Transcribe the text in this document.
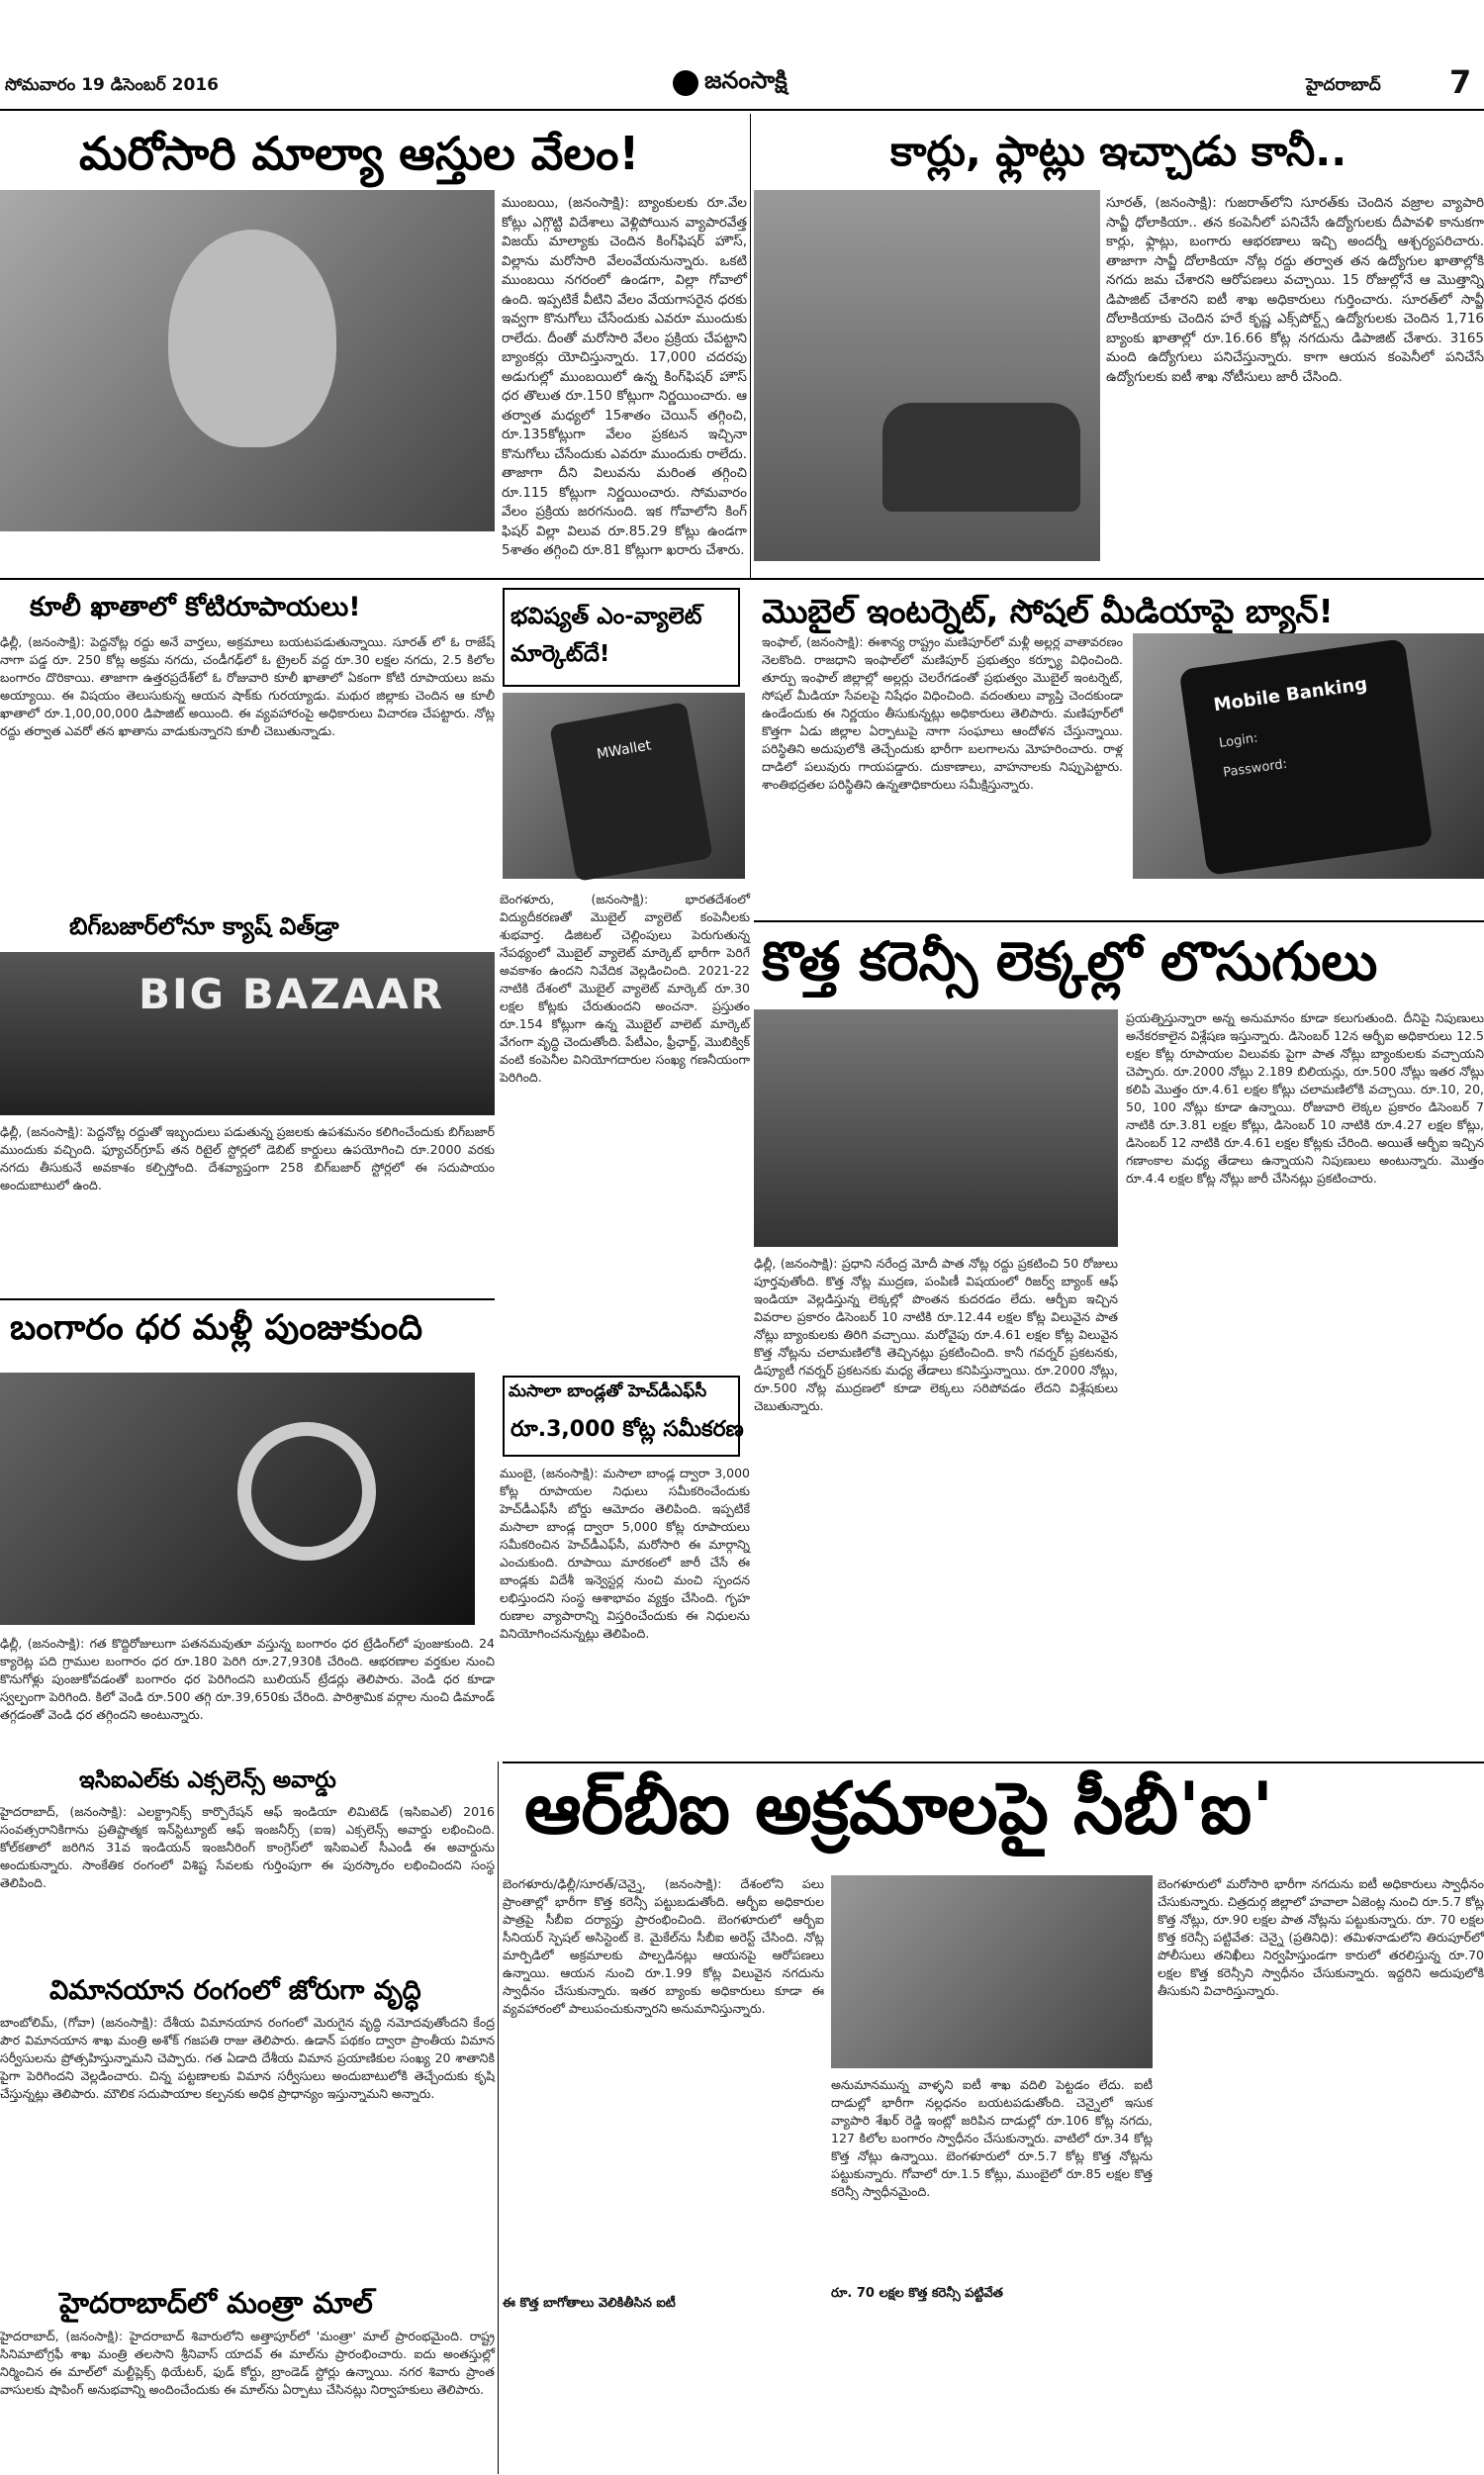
సోమవారం 19 డిసెంబర్ 2016	జనంసాక్షి	హైదరాబాద్ 7
మరోసారి మాల్యా ఆస్తుల వేలం!
ముంబయి, (జనంసాక్షి): బ్యాంకులకు రూ.వేల కోట్లు ఎగ్గొట్టి విదేశాలు వెళ్లిపోయిన వ్యాపారవేత్త విజయ్ మాల్యాకు చెందిన కింగ్‌ఫిషర్ హౌస్, విల్లాను మరోసారి వేలంవేయనున్నారు. ఒకటి ముంబయి నగరంలో ఉండగా, విల్లా గోవాలో ఉంది. ఇప్పటికే వీటిని వేలం వేయగాసరైన ధరకు ఇవ్వగా కొనుగోలు చేసేందుకు ఎవరూ ముందుకు రాలేదు. దీంతో మరోసారి వేలం ప్రక్రియ చేపట్టాని బ్యాంకర్లు యోచిస్తున్నారు. 17,000 చదరపు అడుగుల్లో ముంబయిలో ఉన్న కింగ్‌ఫిషర్ హౌస్ ధర తొలుత రూ.150 కోట్లుగా నిర్ణయించారు. ఆ తర్వాత మధ్యలో 15శాతం చెయిన్ తగ్గించి, రూ.135కోట్లుగా వేలం ప్రకటన ఇచ్చినా కొనుగోలు చేసేందుకు ఎవరూ ముందుకు రాలేదు. తాజాగా దీని విలువను మరింత తగ్గించి రూ.115 కోట్లుగా నిర్ణయించారు. సోమవారం వేలం ప్రక్రియ జరగనుంది. ఇక గోవాలోని కింగ్ ఫిషర్ విల్లా విలువ రూ.85.29 కోట్లు ఉండగా 5శాతం తగ్గించి రూ.81 కోట్లుగా ఖరారు చేశారు.
కార్లు, ఫ్లాట్లు ఇచ్చాడు కానీ..
సూరత్, (జనంసాక్షి): గుజరాత్‌లోని సూరత్‌కు చెందిన వజ్రాల వ్యాపారి సావ్జీ ధోలాకియా.. తన కంపెనీలో పనిచేసే ఉద్యోగులకు దీపావళి కానుకగా కార్లు, ఫ్లాట్లు, బంగారు ఆభరణాలు ఇచ్చి అందర్నీ ఆశ్చర్యపరిచారు. తాజాగా సావ్జీ దోలాకియా నోట్ల రద్దు తర్వాత తన ఉద్యోగుల ఖాతాల్లోకి నగదు జమ చేశారని ఆరోపణలు వచ్చాయి. 15 రోజుల్లోనే ఆ మొత్తాన్ని డిపాజిట్ చేశారని ఐటీ శాఖ అధికారులు గుర్తించారు. సూరత్‌లో సావ్జీ దోలాకియాకు చెందిన హరే కృష్ణ ఎక్స్‌పోర్ట్స్ ఉద్యోగులకు చెందిన 1,716 బ్యాంకు ఖాతాల్లో రూ.16.66 కోట్ల నగదును డిపాజిట్ చేశారు. 3165 మంది ఉద్యోగులు పనిచేస్తున్నారు. కాగా ఆయన కంపెనీలో పనిచేసే ఉద్యోగులకు ఐటీ శాఖ నోటీసులు జారీ చేసింది.
కూలీ ఖాతాలో కోటిరూపాయలు!
ఢిల్లీ, (జనంసాక్షి): పెద్దనోట్ల రద్దు అనే వార్తలు, అక్రమాలు బయటపడుతున్నాయి. సూరత్ లో ఓ రాజేష్ నాగా పడ్డ రూ. 250 కోట్ల అక్రమ నగదు, చండీగఢ్‌లో ఓ ట్రైలర్ వద్ద రూ.30 లక్షల నగదు, 2.5 కిలోల బంగారం దొరికాయి. తాజాగా ఉత్తరప్రదేశ్‌లో ఓ రోజువారి కూలీ ఖాతాలో ఏకంగా కోటి రూపాయలు జమ అయ్యాయి. ఈ విషయం తెలుసుకున్న ఆయన షాక్‌కు గురయ్యాడు. మథుర జిల్లాకు చెందిన ఆ కూలీ ఖాతాలో రూ.1,00,00,000 డిపాజిట్ అయింది. ఈ వ్యవహారంపై అధికారులు విచారణ చేపట్టారు. నోట్ల రద్దు తర్వాత ఎవరో తన ఖాతాను వాడుకున్నారని కూలీ చెబుతున్నాడు.
భవిష్యత్ ఎం-వ్యాలెట్ మార్కెట్‌దే!
MWallet
బెంగళూరు, (జనంసాక్షి): భారతదేశంలో విద్యుదీకరణతో మొబైల్ వ్యాలెట్ కంపెనీలకు శుభవార్త. డిజిటల్ చెల్లింపులు పెరుగుతున్న నేపథ్యంలో మొబైల్ వ్యాలెట్ మార్కెట్ భారీగా పెరిగే అవకాశం ఉందని నివేదిక వెల్లడించింది. 2021-22 నాటికి దేశంలో మొబైల్ వ్యాలెట్ మార్కెట్ రూ.30 లక్షల కోట్లకు చేరుతుందని అంచనా. ప్రస్తుతం రూ.154 కోట్లుగా ఉన్న మొబైల్ వాలెట్ మార్కెట్ వేగంగా వృద్ధి చెందుతోంది. పేటీఎం, ఫ్రీఛార్జ్, మొబిక్విక్ వంటి కంపెనీల వినియోగదారుల సంఖ్య గణనీయంగా పెరిగింది.
బిగ్‌బజార్‌లోనూ క్యాష్ విత్‌డ్రా
BIG BAZAAR
ఢిల్లీ, (జనంసాక్షి): పెద్దనోట్ల రద్దుతో ఇబ్బందులు పడుతున్న ప్రజలకు ఉపశమనం కలిగించేందుకు బిగ్‌బజార్ ముందుకు వచ్చింది. ఫ్యూచర్‌గ్రూప్ తన రిటైల్ స్టోర్లలో డెబిట్ కార్డులు ఉపయోగించి రూ.2000 వరకు నగదు తీసుకునే అవకాశం కల్పిస్తోంది. దేశవ్యాప్తంగా 258 బిగ్‌బజార్ స్టోర్లలో ఈ సదుపాయం అందుబాటులో ఉంది.
బంగారం ధర మళ్లీ పుంజుకుంది
ఢిల్లీ, (జనంసాక్షి): గత కొద్దిరోజులుగా పతనమవుతూ వస్తున్న బంగారం ధర ట్రేడింగ్‌లో పుంజుకుంది. 24 క్యారెట్ల పది గ్రాముల బంగారం ధర రూ.180 పెరిగి రూ.27,930కి చేరింది. ఆభరణాల వర్తకుల నుంచి కొనుగోళ్లు పుంజుకోవడంతో బంగారం ధర పెరిగిందని బులియన్ ట్రేడర్లు తెలిపారు. వెండి ధర కూడా స్వల్పంగా పెరిగింది. కిలో వెండి రూ.500 తగ్గి రూ.39,650కు చేరింది. పారిశ్రామిక వర్గాల నుంచి డిమాండ్ తగ్గడంతో వెండి ధర తగ్గిందని అంటున్నారు.
మసాలా బాండ్లతో హెచ్‌డీఎఫ్‌సీ
రూ.3,000 కోట్ల సమీకరణ
ముంబై, (జనంసాక్షి): మసాలా బాండ్ల ద్వారా 3,000 కోట్ల రూపాయల నిధులు సమీకరించేందుకు హెచ్‌డీఎఫ్‌సీ బోర్డు ఆమోదం తెలిపింది. ఇప్పటికే మసాలా బాండ్ల ద్వారా 5,000 కోట్ల రూపాయలు సమీకరించిన హెచ్‌డీఎఫ్‌సీ, మరోసారి ఈ మార్గాన్ని ఎంచుకుంది. రూపాయి మారకంలో జారీ చేసే ఈ బాండ్లకు విదేశీ ఇన్వెస్టర్ల నుంచి మంచి స్పందన లభిస్తుందని సంస్థ ఆశాభావం వ్యక్తం చేసింది. గృహ రుణాల వ్యాపారాన్ని విస్తరించేందుకు ఈ నిధులను వినియోగించనున్నట్లు తెలిపింది.
మొబైల్ ఇంటర్నెట్, సోషల్ మీడియాపై బ్యాన్!
ఇంఫాల్, (జనంసాక్షి): ఈశాన్య రాష్ట్రం మణిపూర్‌లో మళ్లీ అల్లర్ల వాతావరణం నెలకొంది. రాజధాని ఇంఫాల్‌లో మణిపూర్ ప్రభుత్వం కర్ఫ్యూ విధించింది. తూర్పు ఇంఫాల్ జిల్లాల్లో అల్లర్లు చెలరేగడంతో ప్రభుత్వం మొబైల్ ఇంటర్నెట్, సోషల్ మీడియా సేవలపై నిషేధం విధించింది. వదంతులు వ్యాప్తి చెందకుండా ఉండేందుకు ఈ నిర్ణయం తీసుకున్నట్లు అధికారులు తెలిపారు. మణిపూర్‌లో కొత్తగా ఏడు జిల్లాల ఏర్పాటుపై నాగా సంఘాలు ఆందోళన చేస్తున్నాయి. పరిస్థితిని అదుపులోకి తెచ్చేందుకు భారీగా బలగాలను మోహరించారు. రాళ్ల దాడిలో పలువురు గాయపడ్డారు. దుకాణాలు, వాహనాలకు నిప్పుపెట్టారు. శాంతిభద్రతల పరిస్థితిని ఉన్నతాధికారులు సమీక్షిస్తున్నారు.
Mobile Banking
Login:
Password:
కొత్త కరెన్సీ లెక్కల్లో లొసుగులు
ఢిల్లీ, (జనంసాక్షి): ప్రధాని నరేంద్ర మోదీ పాత నోట్ల రద్దు ప్రకటించి 50 రోజులు పూర్తవుతోంది. కొత్త నోట్ల ముద్రణ, పంపిణీ విషయంలో రిజర్వ్ బ్యాంక్ ఆఫ్ ఇండియా వెల్లడిస్తున్న లెక్కల్లో పొంతన కుదరడం లేదు. ఆర్బీఐ ఇచ్చిన వివరాల ప్రకారం డిసెంబర్ 10 నాటికి రూ.12.44 లక్షల కోట్ల విలువైన పాత నోట్లు బ్యాంకులకు తిరిగి వచ్చాయి. మరోవైపు రూ.4.61 లక్షల కోట్ల విలువైన కొత్త నోట్లను చలామణిలోకి తెచ్చినట్లు ప్రకటించింది. కానీ గవర్నర్ ప్రకటనకు, డిప్యూటీ గవర్నర్ ప్రకటనకు మధ్య తేడాలు కనిపిస్తున్నాయి. రూ.2000 నోట్లు, రూ.500 నోట్ల ముద్రణలో కూడా లెక్కలు సరిపోవడం లేదని విశ్లేషకులు చెబుతున్నారు.
ప్రయత్నిస్తున్నారా అన్న అనుమానం కూడా కలుగుతుంది. దీనిపై నిపుణులు అనేకరకాలైన విశ్లేషణ ఇస్తున్నారు. డిసెంబర్ 12న ఆర్బీఐ అధికారులు 12.5 లక్షల కోట్ల రూపాయల విలువకు పైగా పాత నోట్లు బ్యాంకులకు వచ్చాయని చెప్పారు. రూ.2000 నోట్లు 2.189 బిలియన్లు, రూ.500 నోట్లు ఇతర నోట్లు కలిపి మొత్తం రూ.4.61 లక్షల కోట్లు చలామణిలోకి వచ్చాయి. రూ.10, 20, 50, 100 నోట్లు కూడా ఉన్నాయి. రోజువారి లెక్కల ప్రకారం డిసెంబర్ 7 నాటికి రూ.3.81 లక్షల కోట్లు, డిసెంబర్ 10 నాటికి రూ.4.27 లక్షల కోట్లు, డిసెంబర్ 12 నాటికి రూ.4.61 లక్షల కోట్లకు చేరింది. అయితే ఆర్బీఐ ఇచ్చిన గణాంకాల మధ్య తేడాలు ఉన్నాయని నిపుణులు అంటున్నారు. మొత్తం రూ.4.4 లక్షల కోట్ల నోట్లు జారీ చేసినట్లు ప్రకటించారు.
ఇసిఐఎల్‌కు ఎక్సలెన్స్ అవార్డు
హైదరాబాద్, (జనంసాక్షి): ఎలక్ట్రానిక్స్ కార్పొరేషన్ ఆఫ్ ఇండియా లిమిటెడ్ (ఇసిఐఎల్) 2016 సంవత్సరానికిగాను ప్రతిష్టాత్మక ఇన్‌స్టిట్యూట్ ఆఫ్ ఇంజనీర్స్ (ఐఇ) ఎక్సలెన్స్ అవార్డు లభించింది. కోల్‌కతాలో జరిగిన 31వ ఇండియన్ ఇంజనీరింగ్ కాంగ్రెస్‌లో ఇసిఐఎల్ సీఎండీ ఈ అవార్డును అందుకున్నారు. సాంకేతిక రంగంలో విశిష్ట సేవలకు గుర్తింపుగా ఈ పురస్కారం లభించిందని సంస్థ తెలిపింది.
విమానయాన రంగంలో జోరుగా వృద్ధి
బాంబోలిమ్, (గోవా) (జనంసాక్షి): దేశీయ విమానయాన రంగంలో మెరుగైన వృద్ధి నమోదవుతోందని కేంద్ర పౌర విమానయాన శాఖ మంత్రి అశోక్ గజపతి రాజు తెలిపారు. ఉడాన్ పథకం ద్వారా ప్రాంతీయ విమాన సర్వీసులను ప్రోత్సహిస్తున్నామని చెప్పారు. గత ఏడాది దేశీయ విమాన ప్రయాణికుల సంఖ్య 20 శాతానికి పైగా పెరిగిందని వెల్లడించారు. చిన్న పట్టణాలకు విమాన సర్వీసులు అందుబాటులోకి తెచ్చేందుకు కృషి చేస్తున్నట్లు తెలిపారు. మౌలిక సదుపాయాల కల్పనకు అధిక ప్రాధాన్యం ఇస్తున్నామని అన్నారు.
హైదరాబాద్‌లో మంత్రా మాల్
హైదరాబాద్, (జనంసాక్షి): హైదరాబాద్ శివారులోని అత్తాపూర్‌లో 'మంత్రా' మాల్ ప్రారంభమైంది. రాష్ట్ర సినిమాటోగ్రఫీ శాఖ మంత్రి తలసాని శ్రీనివాస్ యాదవ్ ఈ మాల్‌ను ప్రారంభించారు. ఐదు అంతస్తుల్లో నిర్మించిన ఈ మాల్‌లో మల్టీప్లెక్స్ థియేటర్, ఫుడ్ కోర్టు, బ్రాండెడ్ స్టోర్లు ఉన్నాయి. నగర శివారు ప్రాంత వాసులకు షాపింగ్ అనుభవాన్ని అందించేందుకు ఈ మాల్‌ను ఏర్పాటు చేసినట్లు నిర్వాహకులు తెలిపారు.
ఆర్‌బీఐ అక్రమాలపై సీబీ'ఐ'
బెంగళూరు/ఢిల్లీ/సూరత్/చెన్నై, (జనంసాక్షి): దేశంలోని పలు ప్రాంతాల్లో భారీగా కొత్త కరెన్సీ పట్టుబడుతోంది. ఆర్బీఐ అధికారుల పాత్రపై సీబీఐ దర్యాప్తు ప్రారంభించింది. బెంగళూరులో ఆర్బీఐ సీనియర్ స్పెషల్ అసిస్టెంట్ కె. మైకేల్‌ను సీబీఐ అరెస్ట్ చేసింది. నోట్ల మార్పిడిలో అక్రమాలకు పాల్పడినట్లు ఆయనపై ఆరోపణలు ఉన్నాయి. ఆయన నుంచి రూ.1.99 కోట్ల విలువైన నగదును స్వాధీనం చేసుకున్నారు. ఇతర బ్యాంకు అధికారులు కూడా ఈ వ్యవహారంలో పాలుపంచుకున్నారని అనుమానిస్తున్నారు.
అనుమానమున్న వాళ్ళని ఐటీ శాఖ వదిలి పెట్టడం లేదు. ఐటీ దాడుల్లో భారీగా నల్లధనం బయటపడుతోంది. చెన్నైలో ఇసుక వ్యాపారి శేఖర్ రెడ్డి ఇంట్లో జరిపిన దాడుల్లో రూ.106 కోట్ల నగదు, 127 కిలోల బంగారం స్వాధీనం చేసుకున్నారు. వాటిలో రూ.34 కోట్ల కొత్త నోట్లు ఉన్నాయి. బెంగళూరులో రూ.5.7 కోట్ల కొత్త నోట్లను పట్టుకున్నారు. గోవాలో రూ.1.5 కోట్లు, ముంబైలో రూ.85 లక్షల కొత్త కరెన్సీ స్వాధీనమైంది.
ఈ కొత్త బాగోతాలు వెలికితీసిన ఐటీ
బెంగళూరులో మరోసారి భారీగా నగదును ఐటీ అధికారులు స్వాధీనం చేసుకున్నారు. చిత్రదుర్గ జిల్లాలో హవాలా ఏజెంట్ల నుంచి రూ.5.7 కోట్ల కొత్త నోట్లు, రూ.90 లక్షల పాత నోట్లను పట్టుకున్నారు. రూ. 70 లక్షల కొత్త కరెన్సీ పట్టివేత: చెన్నై (ప్రతినిధి): తమిళనాడులోని తిరుపూర్‌లో పోలీసులు తనిఖీలు నిర్వహిస్తుండగా కారులో తరలిస్తున్న రూ.70 లక్షల కొత్త కరెన్సీని స్వాధీనం చేసుకున్నారు. ఇద్దరిని అదుపులోకి తీసుకుని విచారిస్తున్నారు.
రూ. 70 లక్షల కొత్త కరెన్సీ పట్టివేత
